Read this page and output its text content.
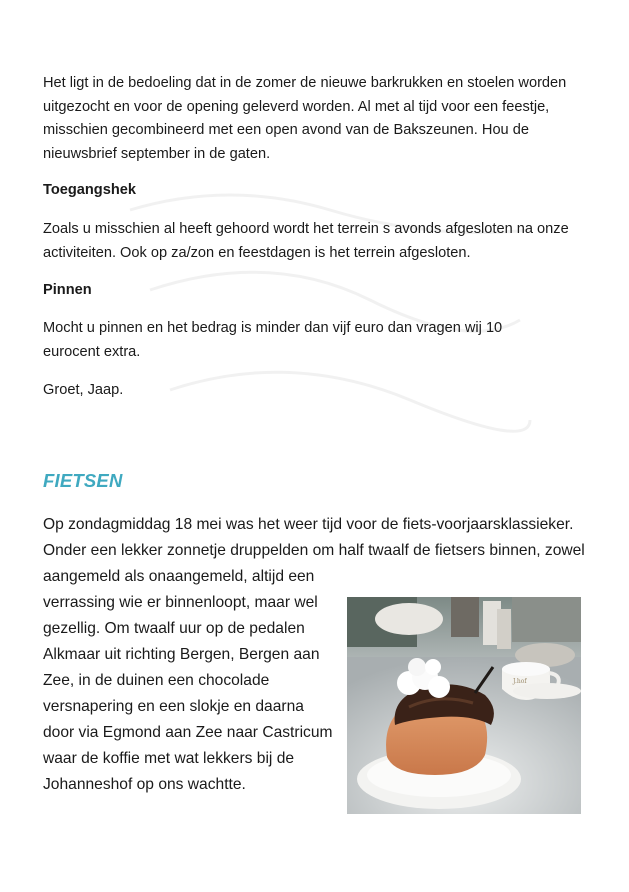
Het ligt in de bedoeling dat in de zomer de nieuwe barkrukken en stoelen worden uitgezocht en voor de opening geleverd worden. Al met al tijd voor een feestje, misschien gecombineerd met een open avond van de Bakszeunen. Hou de nieuwsbrief september in de gaten.

Toegangshek

Zoals u misschien al heeft gehoord wordt het terrein s avonds afgesloten na onze activiteiten. Ook op za/zon en feestdagen is het terrein afgesloten.

Pinnen

Mocht u pinnen en het bedrag is minder dan vijf euro dan vragen wij 10 eurocent extra.

Groet, Jaap.

FIETSEN

Op zondagmiddag 18 mei was het weer tijd voor de fiets-voorjaarsklassieker. Onder een lekker zonnetje druppelden om half twaalf de fietsers binnen, zowel aangemeld als onaangemeld, altijd een

verrassing wie er binnenloopt, maar wel gezellig. Om twaalf uur op de pedalen Alkmaar uit richting Bergen, Bergen aan Zee, in de duinen een chocolade versnapering en een slokje en daarna door via Egmond aan Zee naar Castricum waar de koffie met wat lekkers bij de Johanneshof op ons wachtte.

J.hof
